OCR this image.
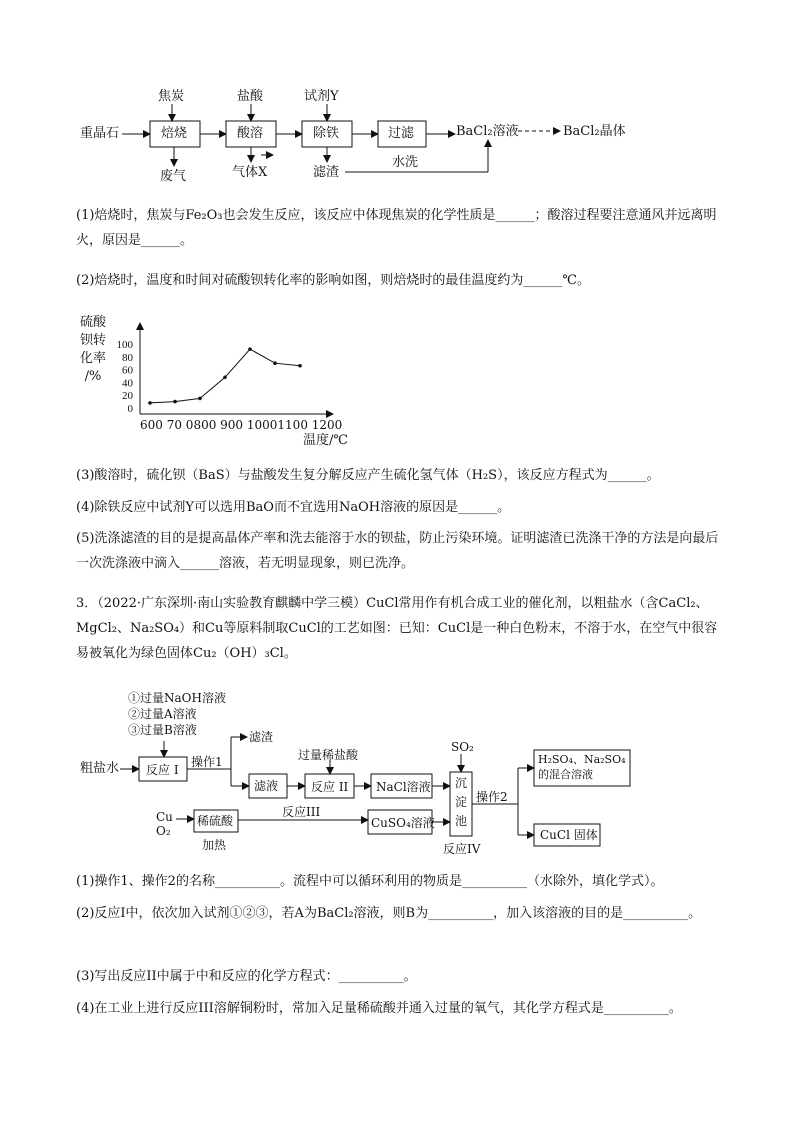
重晶石
焦炭	盐酸	试剂Y
焙烧	酸溶	除铁	过滤
废气	气体X	滤渣
水洗
BaCl₂溶液	BaCl₂晶体
(1)焙烧时，焦炭与Fe₂O₃也会发生反应，该反应中体现焦炭的化学性质是______；酸溶过程要注意通风并远离明火，原因是______。
(2)焙烧时，温度和时间对硫酸钡转化率的影响如图，则焙烧时的最佳温度约为______℃。
0
20
40
60
80
100
硫酸
钡转
化率
/%
600 70 0800 900 10001100 1200
温度/℃
(3)酸溶时，硫化钡（BaS）与盐酸发生复分解反应产生硫化氢气体（H₂S），该反应方程式为______。
(4)除铁反应中试剂Y可以选用BaO而不宜选用NaOH溶液的原因是______。
(5)洗涤滤渣的目的是提高晶体产率和洗去能溶于水的钡盐，防止污染环境。证明滤渣已洗涤干净的方法是向最后一次洗涤液中滴入______溶液，若无明显现象，则已洗净。
3．（2022·广东深圳·南山实验教育麒麟中学三模）CuCl常用作有机合成工业的催化剂，以粗盐水（含CaCl₂、MgCl₂、Na₂SO₄）和Cu等原料制取CuCl的工艺如图：已知：CuCl是一种白色粉末，不溶于水，在空气中很容易被氧化为绿色固体Cu₂（OH）₃Cl。
①过量NaOH溶液
②过量A溶液
③过量B溶液
粗盐水 反应 I
操作1
滤渣
滤液
过量稀盐酸
反应 II NaCl溶液
SO₂
沉
淀
池
操作2
H₂SO₄、Na₂SO₄
的混合溶液
CuCl 固体
Cu
O₂
稀硫酸
反应III
CuSO₄溶液
加热	反应IV
(1)操作1、操作2的名称__________。流程中可以循环利用的物质是__________（水除外，填化学式）。
(2)反应I中，依次加入试剂①②③，若A为BaCl₂溶液，则B为__________，加入该溶液的目的是__________。
(3)写出反应II中属于中和反应的化学方程式：__________。
(4)在工业上进行反应III溶解铜粉时，常加入足量稀硫酸并通入过量的氧气，其化学方程式是__________。
